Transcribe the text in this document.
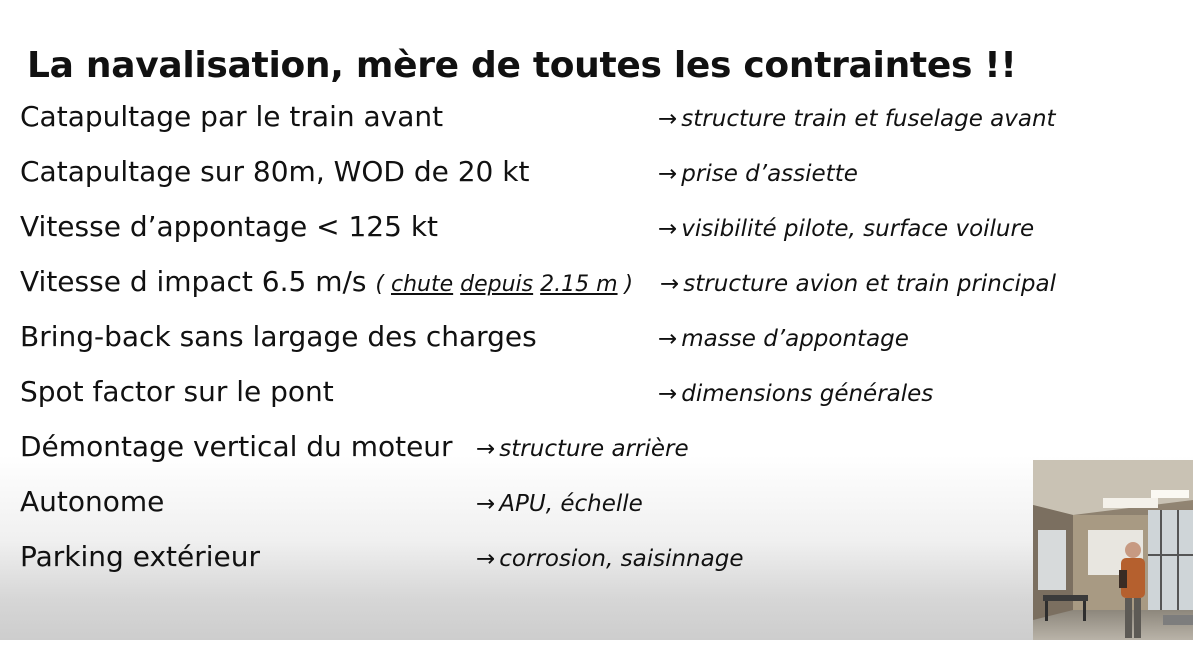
La navalisation, mère de toutes les contraintes !!
Catapultage par le train avant	→ structure train et fuselage avant
Catapultage sur 80m, WOD de 20 kt	→ prise d’assiette
Vitesse d’appontage < 125 kt	→ visibilité pilote, surface voilure
Vitesse d impact 6.5 m/s ( chute depuis 2.15 m ) → structure avion et train principal
Bring-back sans largage des charges	→ masse d’appontage
Spot factor sur le pont	→ dimensions générales
Démontage vertical du moteur → structure arrière
Autonome	→ APU, échelle
Parking extérieur	→ corrosion, saisinnage
